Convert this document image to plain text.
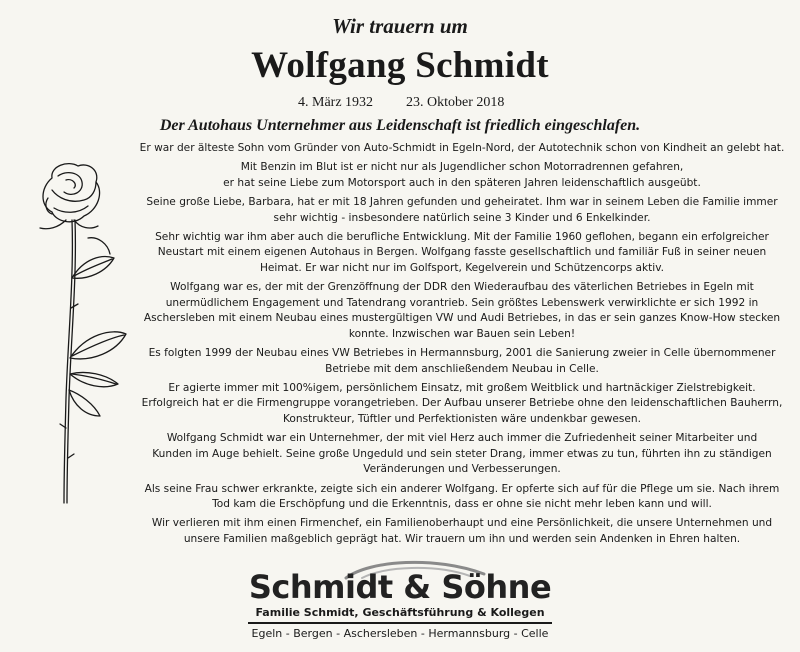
Wir trauern um
Wolfgang Schmidt
4. März 1932 23. Oktober 2018
Der Autohaus Unternehmer aus Leidenschaft ist friedlich eingeschlafen.

Er war der älteste Sohn vom Gründer von Auto-Schmidt in Egeln-Nord, der Autotechnik schon von Kindheit an gelebt hat.

Mit Benzin im Blut ist er nicht nur als Jugendlicher schon Motorradrennen gefahren,
er hat seine Liebe zum Motorsport auch in den späteren Jahren leidenschaftlich ausgeübt.

Seine große Liebe, Barbara, hat er mit 18 Jahren gefunden und geheiratet. Ihm war in seinem Leben die Familie immer
sehr wichtig - insbesondere natürlich seine 3 Kinder und 6 Enkelkinder.

Sehr wichtig war ihm aber auch die berufliche Entwicklung. Mit der Familie 1960 geflohen, begann ein erfolgreicher
Neustart mit einem eigenen Autohaus in Bergen. Wolfgang fasste gesellschaftlich und familiär Fuß in seiner neuen
Heimat. Er war nicht nur im Golfsport, Kegelverein und Schützencorps aktiv.

Wolfgang war es, der mit der Grenzöffnung der DDR den Wiederaufbau des väterlichen Betriebes in Egeln mit
unermüdlichem Engagement und Tatendrang vorantrieb. Sein größtes Lebenswerk verwirklichte er sich 1992 in
Aschersleben mit einem Neubau eines mustergültigen VW und Audi Betriebes, in das er sein ganzes Know-How stecken
konnte. Inzwischen war Bauen sein Leben!

Es folgten 1999 der Neubau eines VW Betriebes in Hermannsburg, 2001 die Sanierung zweier in Celle übernommener
Betriebe mit dem anschließendem Neubau in Celle.

Er agierte immer mit 100%igem, persönlichem Einsatz, mit großem Weitblick und hartnäckiger Zielstrebigkeit.
Erfolgreich hat er die Firmengruppe vorangetrieben. Der Aufbau unserer Betriebe ohne den leidenschaftlichen Bauherrn,
Konstrukteur, Tüftler und Perfektionisten wäre undenkbar gewesen.

Wolfgang Schmidt war ein Unternehmer, der mit viel Herz auch immer die Zufriedenheit seiner Mitarbeiter und
Kunden im Auge behielt. Seine große Ungeduld und sein steter Drang, immer etwas zu tun, führten ihn zu ständigen
Veränderungen und Verbesserungen.

Als seine Frau schwer erkrankte, zeigte sich ein anderer Wolfgang. Er opferte sich auf für die Pflege um sie. Nach ihrem
Tod kam die Erschöpfung und die Erkenntnis, dass er ohne sie nicht mehr leben kann und will.

Wir verlieren mit ihm einen Firmenchef, ein Familienoberhaupt und eine Persönlichkeit, die unsere Unternehmen und
unsere Familien maßgeblich geprägt hat. Wir trauern um ihn und werden sein Andenken in Ehren halten.

Schmidt & Söhne
Familie Schmidt, Geschäftsführung & Kollegen
Egeln - Bergen - Aschersleben - Hermannsburg - Celle
